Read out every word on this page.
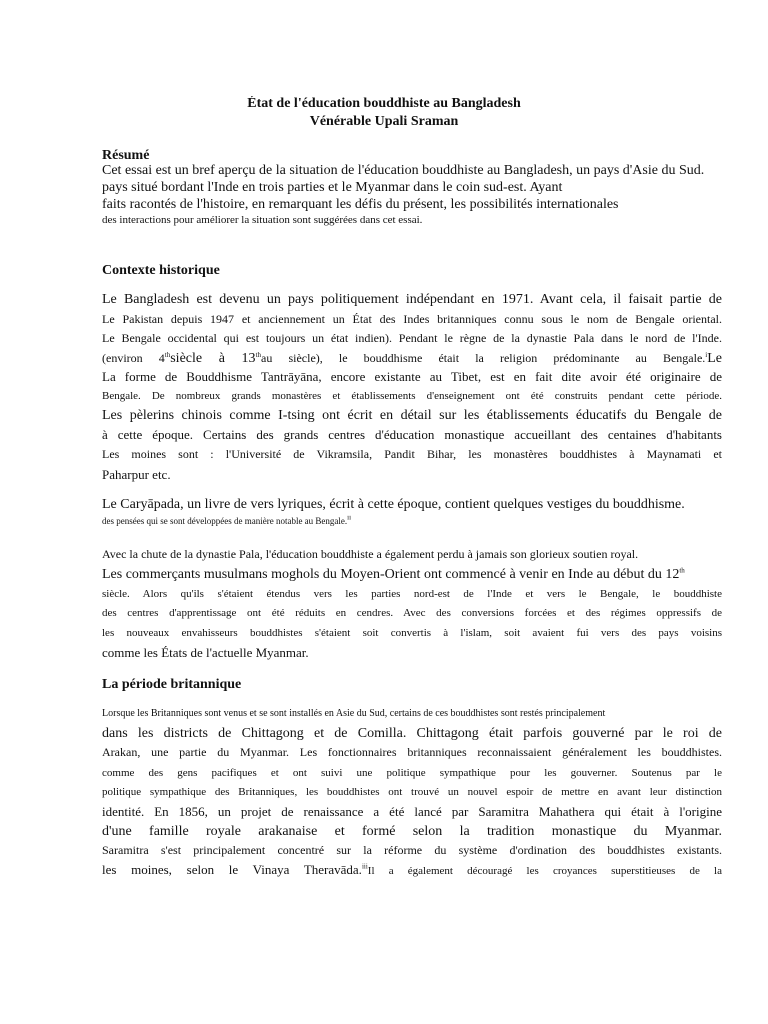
État de l'éducation bouddhiste au Bangladesh
Vénérable Upali Sraman
Résumé
Cet essai est un bref aperçu de la situation de l'éducation bouddhiste au Bangladesh, un pays d'Asie du Sud.
pays situé bordant l'Inde en trois parties et le Myanmar dans le coin sud-est. Ayant
faits racontés de l'histoire, en remarquant les défis du présent, les possibilités internationales
des interactions pour améliorer la situation sont suggérées dans cet essai.
Contexte historique
Le Bangladesh est devenu un pays politiquement indépendant en 1971. Avant cela, il faisait partie de
Le Pakistan depuis 1947 et anciennement un État des Indes britanniques connu sous le nom de Bengale oriental.
Le Bengale occidental qui est toujours un état indien). Pendant le règne de la dynastie Pala dans le nord de l'Inde.
(environ 4thsiècle à 13thau siècle), le bouddhisme était la religion prédominante au Bengale.$^i$Le
La forme de Bouddhisme Tantrāyāna, encore existante au Tibet, est en fait dite avoir été originaire de
Bengale. De nombreux grands monastères et établissements d'enseignement ont été construits pendant cette période.
Les pèlerins chinois comme I-tsing ont écrit en détail sur les établissements éducatifs du Bengale de
à cette époque. Certains des grands centres d'éducation monastique accueillant des centaines d'habitants
Les moines sont : l'Université de Vikramsila, Pandit Bihar, les monastères bouddhistes à Maynamati et
Paharpur etc.
Le Caryāpada, un livre de vers lyriques, écrit à cette époque, contient quelques vestiges du bouddhisme.
des pensées qui se sont développées de manière notable au Bengale.$^{ii}$
Avec la chute de la dynastie Pala, l'éducation bouddhiste a également perdu à jamais son glorieux soutien royal.
Les commerçants musulmans moghols du Moyen-Orient ont commencé à venir en Inde au début du 12th
siècle. Alors qu'ils s'étaient étendus vers les parties nord-est de l'Inde et vers le Bengale, le bouddhiste
des centres d'apprentissage ont été réduits en cendres. Avec des conversions forcées et des régimes oppressifs de
les nouveaux envahisseurs bouddhistes s'étaient soit convertis à l'islam, soit avaient fui vers des pays voisins
comme les États de l'actuelle Myanmar.
La période britannique
Lorsque les Britanniques sont venus et se sont installés en Asie du Sud, certains de ces bouddhistes sont restés principalement
dans les districts de Chittagong et de Comilla. Chittagong était parfois gouverné par le roi de
Arakan, une partie du Myanmar. Les fonctionnaires britanniques reconnaissaient généralement les bouddhistes.
comme des gens pacifiques et ont suivi une politique sympathique pour les gouverner. Soutenus par le
politique sympathique des Britanniques, les bouddhistes ont trouvé un nouvel espoir de mettre en avant leur distinction
identité. En 1856, un projet de renaissance a été lancé par Saramitra Mahathera qui était à l'origine
d'une famille royale arakanaise et formé selon la tradition monastique du Myanmar.
Saramitra s'est principalement concentré sur la réforme du système d'ordination des bouddhistes existants.
les moines, selon le Vinaya Theravāda.$^{iii}$Il a également découragé les croyances superstitieuses de la
